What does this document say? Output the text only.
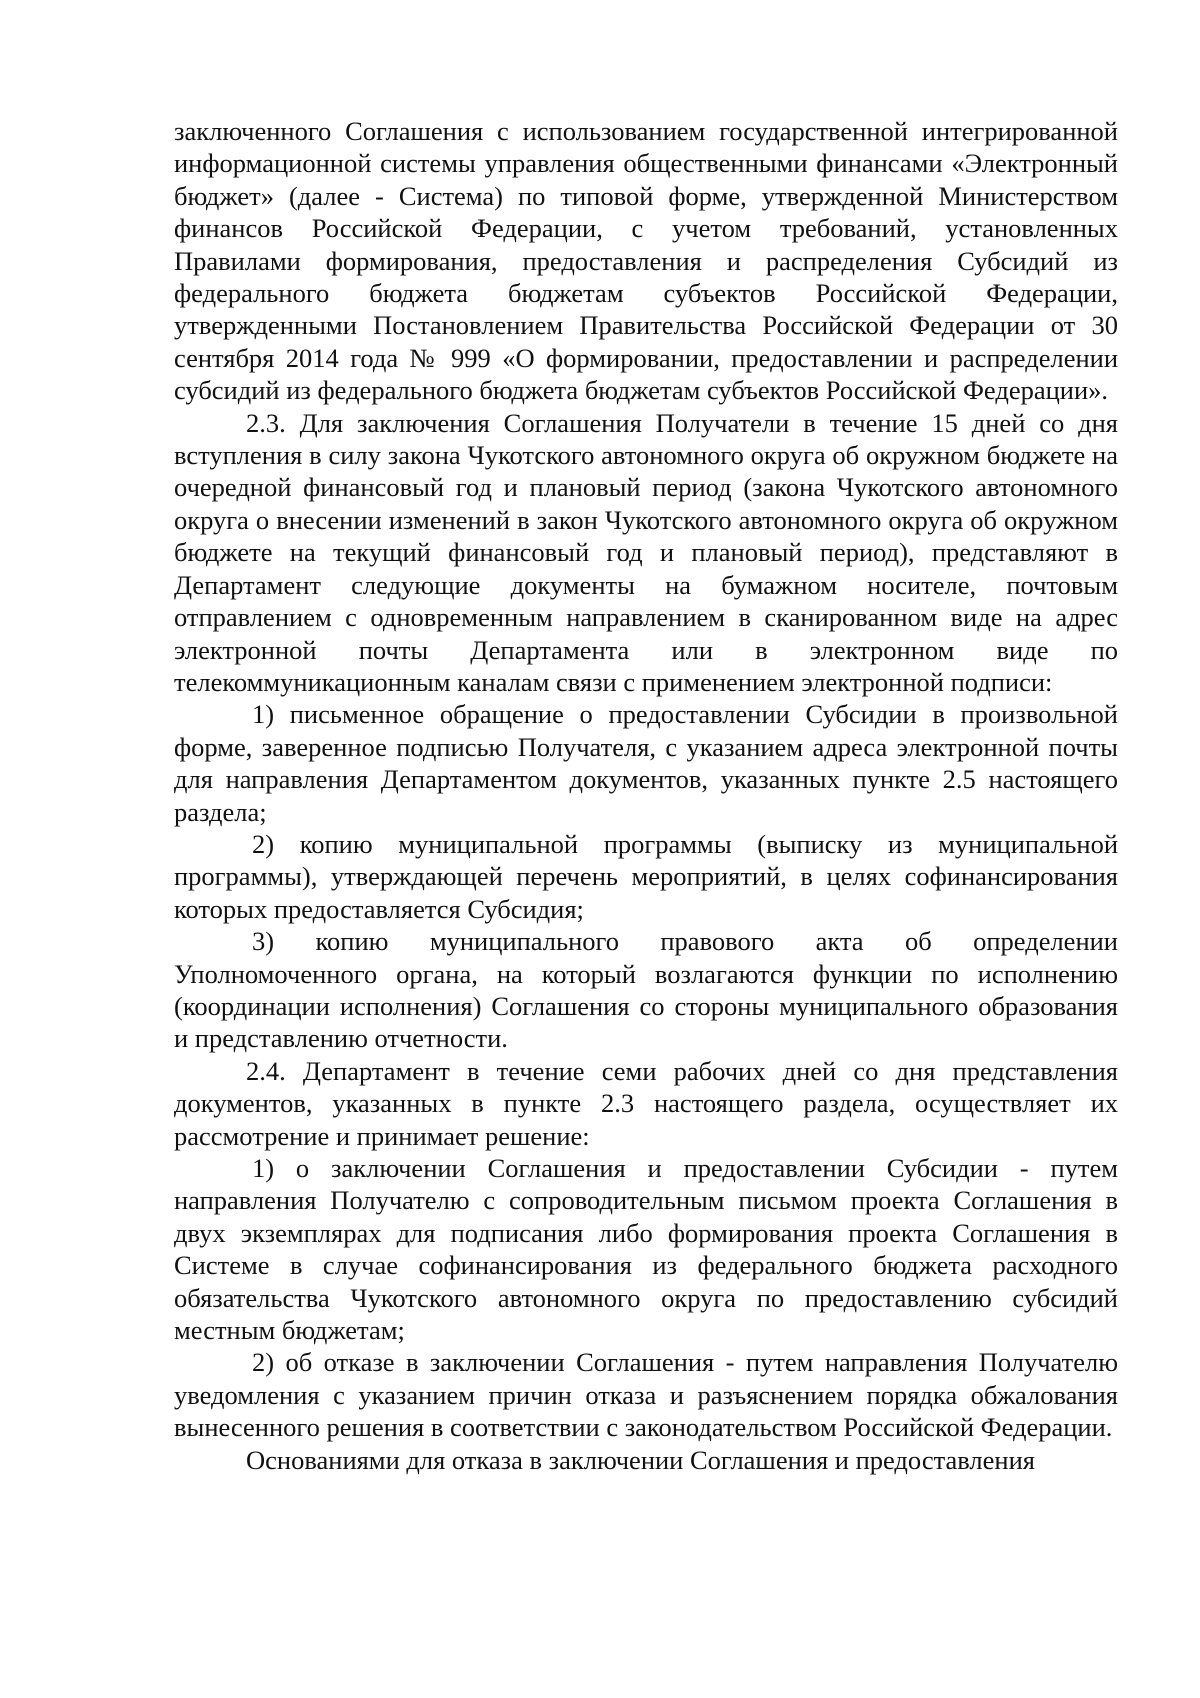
заключенного Соглашения с использованием государственной интегрированной информационной системы управления общественными финансами «Электронный бюджет» (далее - Система) по типовой форме, утвержденной Министерством финансов Российской Федерации, с учетом требований, установленных Правилами формирования, предоставления и распределения Субсидий из федерального бюджета бюджетам субъектов Российской Федерации, утвержденными Постановлением Правительства Российской Федерации от 30 сентября 2014 года № 999 «О формировании, предоставлении и распределении субсидий из федерального бюджета бюджетам субъектов Российской Федерации».

2.3. Для заключения Соглашения Получатели в течение 15 дней со дня вступления в силу закона Чукотского автономного округа об окружном бюджете на очередной финансовый год и плановый период (закона Чукотского автономного округа о внесении изменений в закон Чукотского автономного округа об окружном бюджете на текущий финансовый год и плановый период), представляют в Департамент следующие документы на бумажном носителе, почтовым отправлением с одновременным направлением в сканированном виде на адрес электронной почты Департамента или в электронном виде по телекоммуникационным каналам связи с применением электронной подписи:

1) письменное обращение о предоставлении Субсидии в произвольной форме, заверенное подписью Получателя, с указанием адреса электронной почты для направления Департаментом документов, указанных пункте 2.5 настоящего раздела;

2) копию муниципальной программы (выписку из муниципальной программы), утверждающей перечень мероприятий, в целях софинансирования которых предоставляется Субсидия;

3) копию муниципального правового акта об определении Уполномоченного органа, на который возлагаются функции по исполнению (координации исполнения) Соглашения со стороны муниципального образования и представлению отчетности.

2.4. Департамент в течение семи рабочих дней со дня представления документов, указанных в пункте 2.3 настоящего раздела, осуществляет их рассмотрение и принимает решение:

1) о заключении Соглашения и предоставлении Субсидии - путем направления Получателю с сопроводительным письмом проекта Соглашения в двух экземплярах для подписания либо формирования проекта Соглашения в Системе в случае софинансирования из федерального бюджета расходного обязательства Чукотского автономного округа по предоставлению субсидий местным бюджетам;

2) об отказе в заключении Соглашения - путем направления Получателю уведомления с указанием причин отказа и разъяснением порядка обжалования вынесенного решения в соответствии с законодательством Российской Федерации.

Основаниями для отказа в заключении Соглашения и предоставления
